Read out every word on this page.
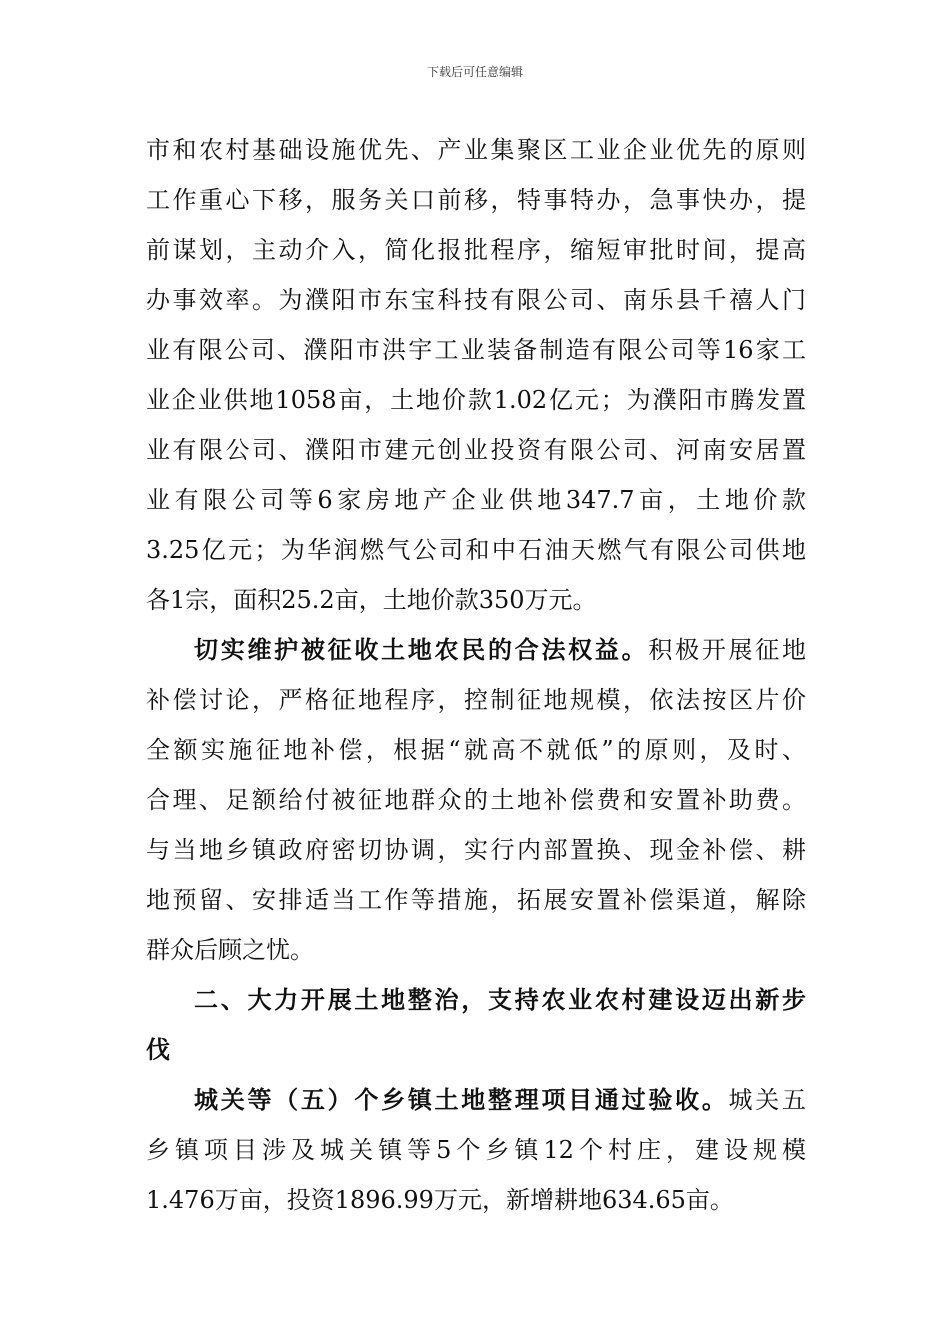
下载后可任意编辑
市和农村基础设施优先、产业集聚区工业企业优先的原则
工作重心下移，服务关口前移，特事特办，急事快办，提
前谋划，主动介入，简化报批程序，缩短审批时间，提高
办事效率。为濮阳市东宝科技有限公司、南乐县千禧人门
业有限公司、濮阳市洪宇工业装备制造有限公司等16家工
业企业供地1058亩，土地价款1.02亿元；为濮阳市腾发置
业有限公司、濮阳市建元创业投资有限公司、河南安居置
业有限公司等6家房地产企业供地347.7亩，土地价款
3.25亿元；为华润燃气公司和中石油天燃气有限公司供地
各1宗，面积25.2亩，土地价款350万元。
切实维护被征收土地农民的合法权益。积极开展征地
补偿讨论，严格征地程序，控制征地规模，依法按区片价
全额实施征地补偿，根据“就高不就低”的原则，及时、
合理、足额给付被征地群众的土地补偿费和安置补助费。
与当地乡镇政府密切协调，实行内部置换、现金补偿、耕
地预留、安排适当工作等措施，拓展安置补偿渠道，解除
群众后顾之忧。
二、大力开展土地整治，支持农业农村建设迈出新步
伐
城关等（五）个乡镇土地整理项目通过验收。城关五
乡镇项目涉及城关镇等5个乡镇12个村庄，建设规模
1.476万亩，投资1896.99万元，新增耕地634.65亩。
